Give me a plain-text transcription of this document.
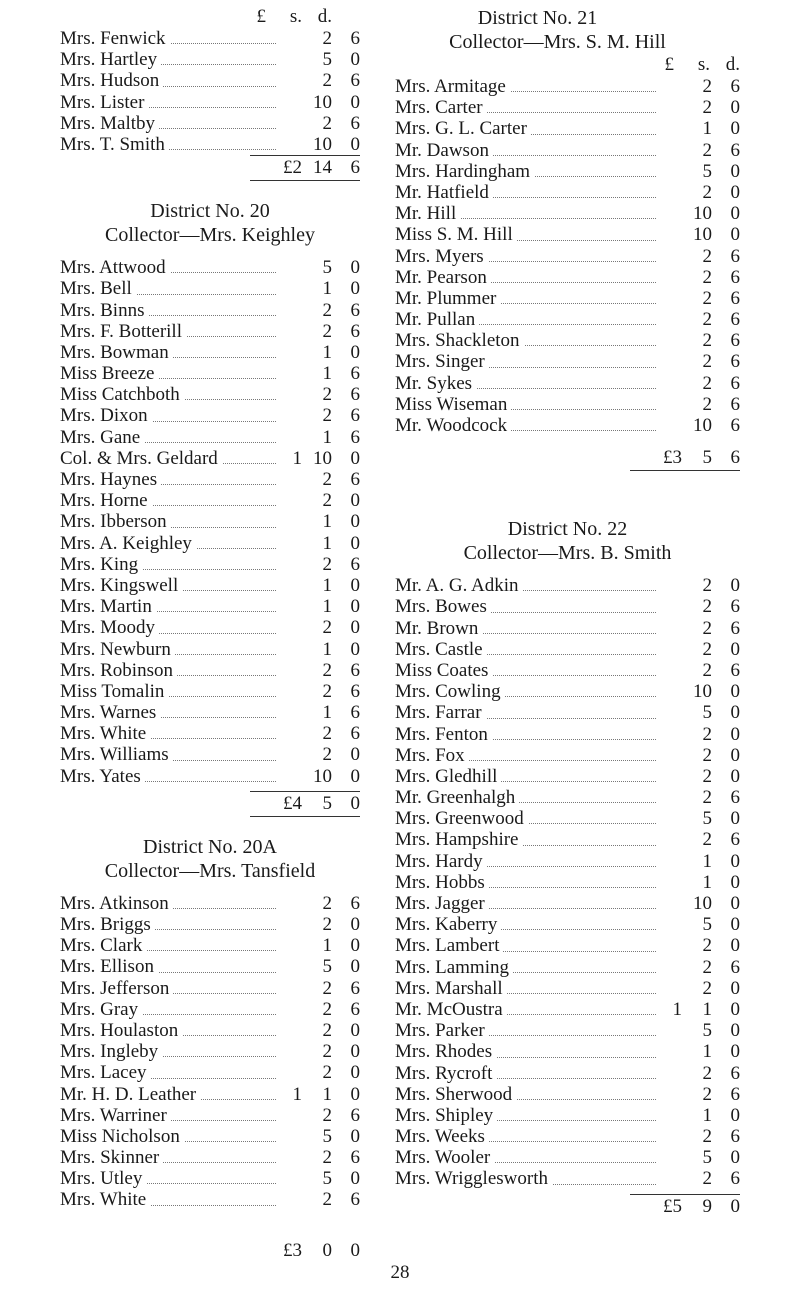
£	s. d.
Mrs. Fenwick	2 6
Mrs. Hartley	5 0
Mrs. Hudson	2 6
Mrs. Lister	10 0
Mrs. Maltby	2 6
Mrs. T. Smith	10 0
£2 14 6
District No. 20
Collector—Mrs. Keighley
Mrs. Attwood	5 0
Mrs. Bell	1 0
Mrs. Binns	2 6
Mrs. F. Botterill	2 6
Mrs. Bowman	1 0
Miss Breeze	1 6
Miss Catchboth	2 6
Mrs. Dixon	2 6
Mrs. Gane	1 6
Col. & Mrs. Geldard	1 10 0
Mrs. Haynes	2 6
Mrs. Horne	2 0
Mrs. Ibberson	1 0
Mrs. A. Keighley	1 0
Mrs. King	2 6
Mrs. Kingswell	1 0
Mrs. Martin	1 0
Mrs. Moody	2 0
Mrs. Newburn	1 0
Mrs. Robinson	2 6
Miss Tomalin	2 6
Mrs. Warnes	1 6
Mrs. White	2 6
Mrs. Williams	2 0
Mrs. Yates	10 0
£4	5 0
District No. 20A
Collector—Mrs. Tansfield
Mrs. Atkinson	2 6
Mrs. Briggs	2 0
Mrs. Clark	1 0
Mrs. Ellison	5 0
Mrs. Jefferson	2 6
Mrs. Gray	2 6
Mrs. Houlaston	2 0
Mrs. Ingleby	2 0
Mrs. Lacey	2 0
Mr. H. D. Leather	1	1 0
Mrs. Warriner	2 6
Miss Nicholson	5 0
Mrs. Skinner	2 6
Mrs. Utley	5 0
Mrs. White	2 6
£3	0 0
District No. 21
Collector—Mrs. S. M. Hill
£	s. d.
Mrs. Armitage	2 6
Mrs. Carter	2 0
Mrs. G. L. Carter	1 0
Mr. Dawson	2 6
Mrs. Hardingham	5 0
Mr. Hatfield	2 0
Mr. Hill	10 0
Miss S. M. Hill	10 0
Mrs. Myers	2 6
Mr. Pearson	2 6
Mr. Plummer	2 6
Mr. Pullan	2 6
Mrs. Shackleton	2 6
Mrs. Singer	2 6
Mr. Sykes	2 6
Miss Wiseman	2 6
Mr. Woodcock	10 6
£3	5 6
District No. 22
Collector—Mrs. B. Smith
Mr. A. G. Adkin	2 0
Mrs. Bowes	2 6
Mr. Brown	2 6
Mrs. Castle	2 0
Miss Coates	2 6
Mrs. Cowling	10 0
Mrs. Farrar	5 0
Mrs. Fenton	2 0
Mrs. Fox	2 0
Mrs. Gledhill	2 0
Mr. Greenhalgh	2 6
Mrs. Greenwood	5 0
Mrs. Hampshire	2 6
Mrs. Hardy	1 0
Mrs. Hobbs	1 0
Mrs. Jagger	10 0
Mrs. Kaberry	5 0
Mrs. Lambert	2 0
Mrs. Lamming	2 6
Mrs. Marshall	2 0
Mr. McOustra	1	1 0
Mrs. Parker	5 0
Mrs. Rhodes	1 0
Mrs. Rycroft	2 6
Mrs. Sherwood	2 6
Mrs. Shipley	1 0
Mrs. Weeks	2 6
Mrs. Wooler	5 0
Mrs. Wrigglesworth	2 6
£5	9 0
28
